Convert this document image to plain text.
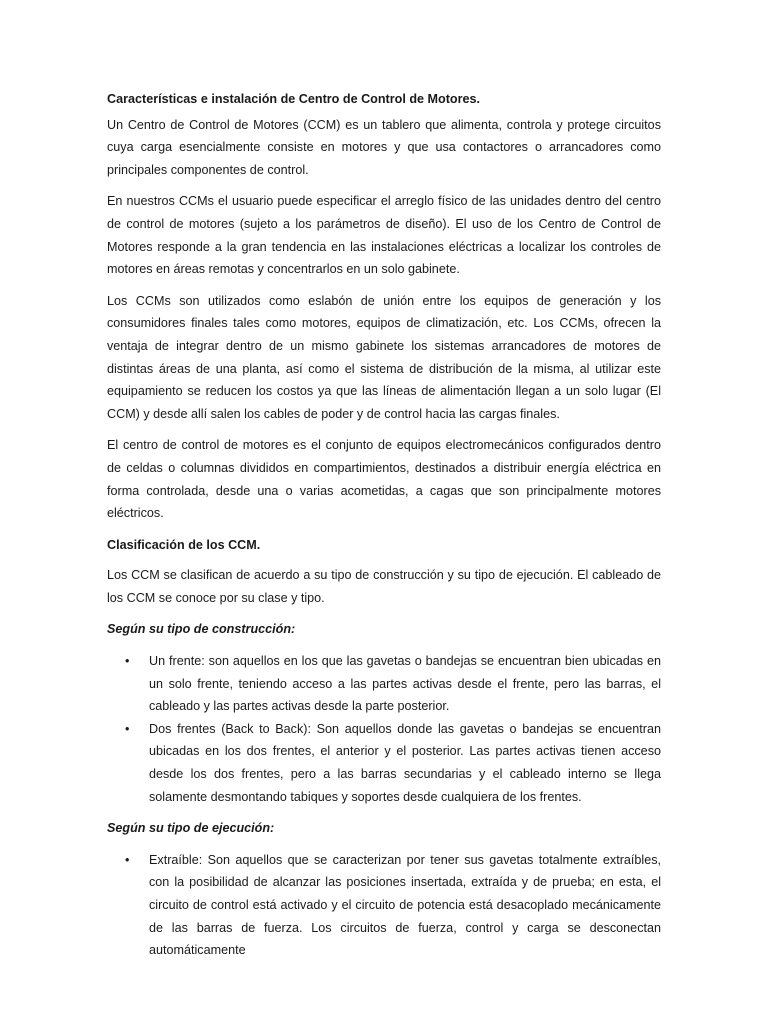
Características e instalación de Centro de Control de Motores.

Un Centro de Control de Motores (CCM) es un tablero que alimenta, controla y protege circuitos cuya carga esencialmente consiste en motores y que usa contactores o arrancadores como principales componentes de control.

En nuestros CCMs el usuario puede especificar el arreglo físico de las unidades dentro del centro de control de motores (sujeto a los parámetros de diseño). El uso de los Centro de Control de Motores responde a la gran tendencia en las instalaciones eléctricas a localizar los controles de motores en áreas remotas y concentrarlos en un solo gabinete.

Los CCMs son utilizados como eslabón de unión entre los equipos de generación y los consumidores finales tales como motores, equipos de climatización, etc. Los CCMs, ofrecen la ventaja de integrar dentro de un mismo gabinete los sistemas arrancadores de motores de distintas áreas de una planta, así como el sistema de distribución de la misma, al utilizar este equipamiento se reducen los costos ya que las líneas de alimentación llegan a un solo lugar (El CCM) y desde allí salen los cables de poder y de control hacia las cargas finales.

El centro de control de motores es el conjunto de equipos electromecánicos configurados dentro de celdas o columnas divididos en compartimientos, destinados a distribuir energía eléctrica en forma controlada, desde una o varias acometidas, a cagas que son principalmente motores eléctricos.

Clasificación de los CCM.

Los CCM se clasifican de acuerdo a su tipo de construcción y su tipo de ejecución. El cableado de los CCM se conoce por su clase y tipo.

Según su tipo de construcción:
• Un frente: son aquellos en los que las gavetas o bandejas se encuentran bien ubicadas en un solo frente, teniendo acceso a las partes activas desde el frente, pero las barras, el cableado y las partes activas desde la parte posterior.
• Dos frentes (Back to Back): Son aquellos donde las gavetas o bandejas se encuentran ubicadas en los dos frentes, el anterior y el posterior. Las partes activas tienen acceso desde los dos frentes, pero a las barras secundarias y el cableado interno se llega solamente desmontando tabiques y soportes desde cualquiera de los frentes.
Según su tipo de ejecución:
• Extraíble: Son aquellos que se caracterizan por tener sus gavetas totalmente extraíbles, con la posibilidad de alcanzar las posiciones insertada, extraída y de prueba; en esta, el circuito de control está activado y el circuito de potencia está desacoplado mecánicamente de las barras de fuerza. Los circuitos de fuerza, control y carga se desconectan automáticamente
